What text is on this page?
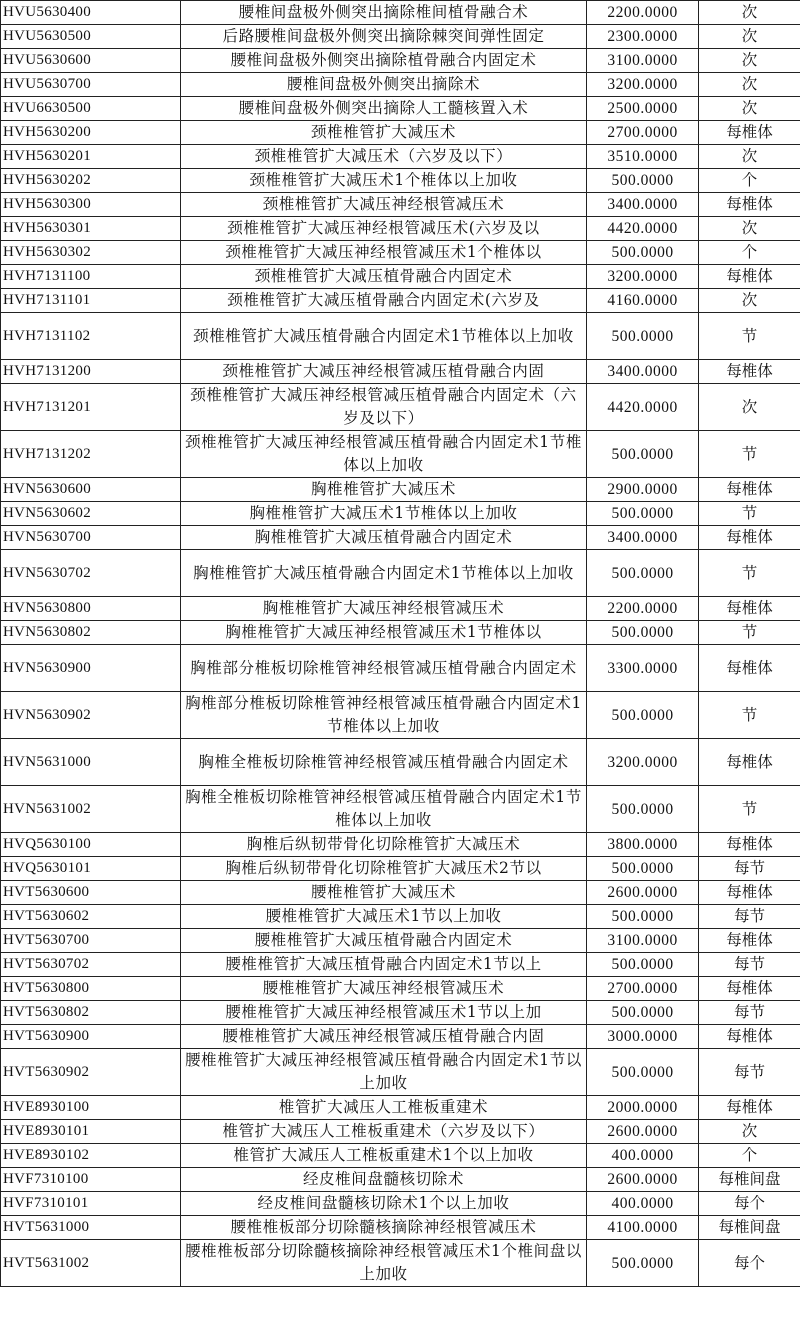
HVU5630400	腰椎间盘极外侧突出摘除椎间植骨融合术	2200.0000	次
HVU5630500	后路腰椎间盘极外侧突出摘除棘突间弹性固定	2300.0000	次
HVU5630600	腰椎间盘极外侧突出摘除植骨融合内固定术	3100.0000	次
HVU5630700	腰椎间盘极外侧突出摘除术	3200.0000	次
HVU6630500	腰椎间盘极外侧突出摘除人工髓核置入术	2500.0000	次
HVH5630200	颈椎椎管扩大减压术	2700.0000	每椎体
HVH5630201	颈椎椎管扩大减压术（六岁及以下）	3510.0000	次
HVH5630202	颈椎椎管扩大减压术1个椎体以上加收	500.0000	个
HVH5630300	颈椎椎管扩大减压神经根管减压术	3400.0000	每椎体
HVH5630301	颈椎椎管扩大减压神经根管减压术(六岁及以	4420.0000	次
HVH5630302	颈椎椎管扩大减压神经根管减压术1个椎体以	500.0000	个
HVH7131100	颈椎椎管扩大减压植骨融合内固定术	3200.0000	每椎体
HVH7131101	颈椎椎管扩大减压植骨融合内固定术(六岁及	4160.0000	次
HVH7131102	颈椎椎管扩大减压植骨融合内固定术1节椎体以上加收	500.0000	节
HVH7131200	颈椎椎管扩大减压神经根管减压植骨融合内固	3400.0000	每椎体
HVH7131201	颈椎椎管扩大减压神经根管减压植骨融合内固定术（六岁及以下）	4420.0000	次
HVH7131202	颈椎椎管扩大减压神经根管减压植骨融合内固定术1节椎体以上加收	500.0000	节
HVN5630600	胸椎椎管扩大减压术	2900.0000	每椎体
HVN5630602	胸椎椎管扩大减压术1节椎体以上加收	500.0000	节
HVN5630700	胸椎椎管扩大减压植骨融合内固定术	3400.0000	每椎体
HVN5630702	胸椎椎管扩大减压植骨融合内固定术1节椎体以上加收	500.0000	节
HVN5630800	胸椎椎管扩大减压神经根管减压术	2200.0000	每椎体
HVN5630802	胸椎椎管扩大减压神经根管减压术1节椎体以	500.0000	节
HVN5630900	胸椎部分椎板切除椎管神经根管减压植骨融合内固定术	3300.0000	每椎体
HVN5630902	胸椎部分椎板切除椎管神经根管减压植骨融合内固定术1节椎体以上加收	500.0000	节
HVN5631000	胸椎全椎板切除椎管神经根管减压植骨融合内固定术	3200.0000	每椎体
HVN5631002	胸椎全椎板切除椎管神经根管减压植骨融合内固定术1节椎体以上加收	500.0000	节
HVQ5630100	胸椎后纵韧带骨化切除椎管扩大减压术	3800.0000	每椎体
HVQ5630101	胸椎后纵韧带骨化切除椎管扩大减压术2节以	500.0000	每节
HVT5630600	腰椎椎管扩大减压术	2600.0000	每椎体
HVT5630602	腰椎椎管扩大减压术1节以上加收	500.0000	每节
HVT5630700	腰椎椎管扩大减压植骨融合内固定术	3100.0000	每椎体
HVT5630702	腰椎椎管扩大减压植骨融合内固定术1节以上	500.0000	每节
HVT5630800	腰椎椎管扩大减压神经根管减压术	2700.0000	每椎体
HVT5630802	腰椎椎管扩大减压神经根管减压术1节以上加	500.0000	每节
HVT5630900	腰椎椎管扩大减压神经根管减压植骨融合内固	3000.0000	每椎体
HVT5630902	腰椎椎管扩大减压神经根管减压植骨融合内固定术1节以上加收	500.0000	每节
HVE8930100	椎管扩大减压人工椎板重建术	2000.0000	每椎体
HVE8930101	椎管扩大减压人工椎板重建术（六岁及以下）	2600.0000	次
HVE8930102	椎管扩大减压人工椎板重建术1个以上加收	400.0000	个
HVF7310100	经皮椎间盘髓核切除术	2600.0000	每椎间盘
HVF7310101	经皮椎间盘髓核切除术1个以上加收	400.0000	每个
HVT5631000	腰椎椎板部分切除髓核摘除神经根管减压术	4100.0000	每椎间盘
HVT5631002	腰椎椎板部分切除髓核摘除神经根管减压术1个椎间盘以上加收	500.0000	每个
